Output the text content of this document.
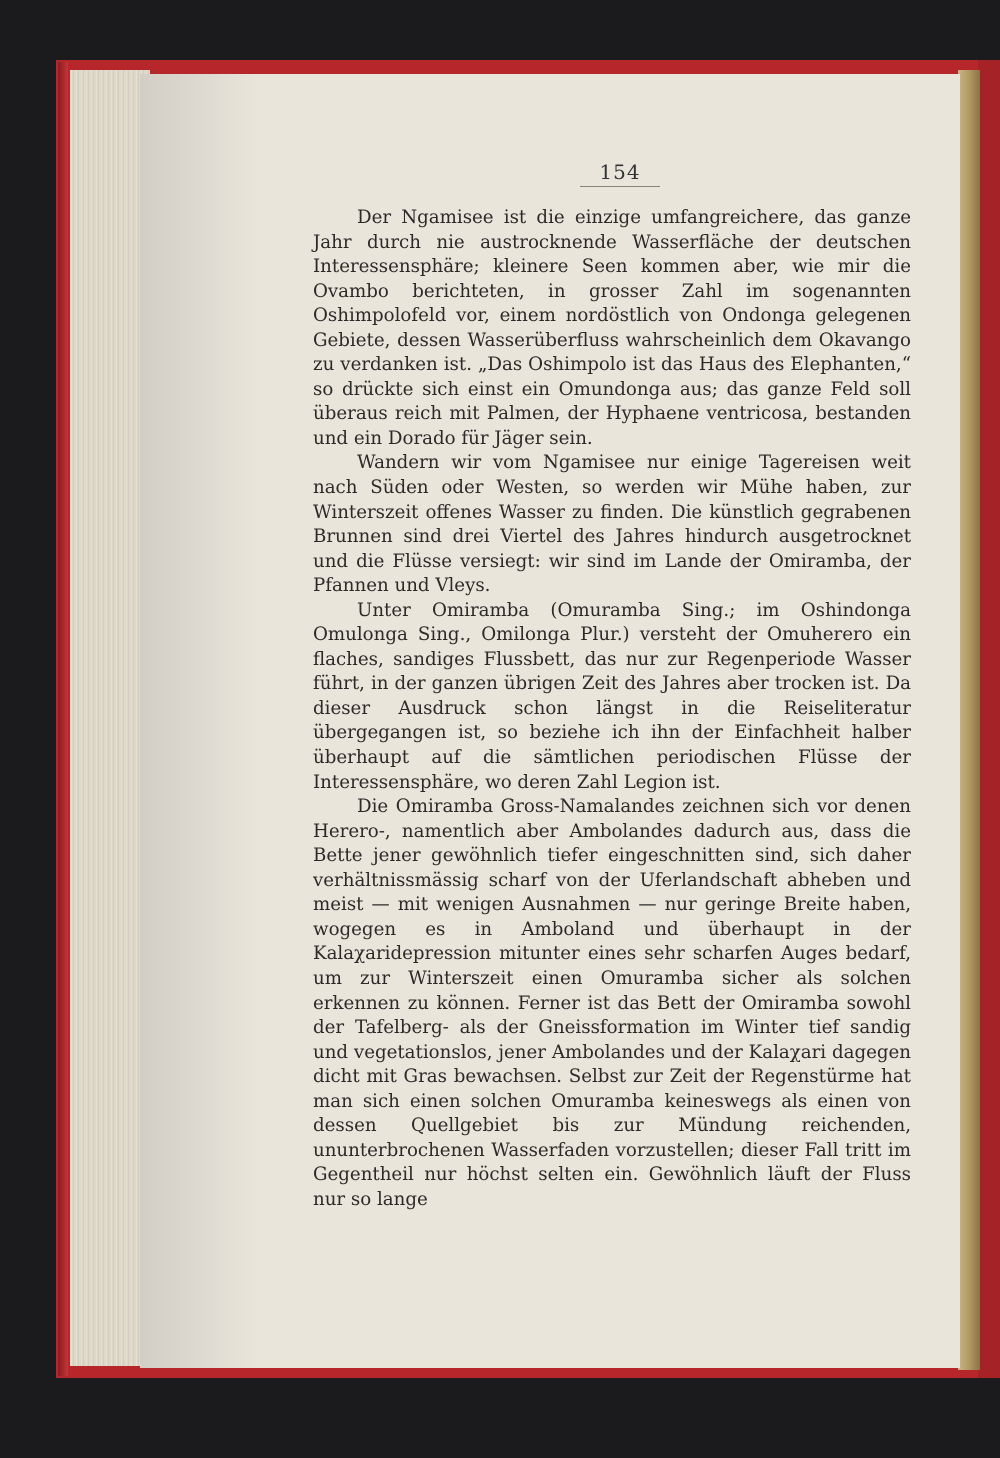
154

Der Ngamisee ist die einzige umfangreichere, das ganze Jahr durch nie austrocknende Wasserfläche der deutschen Interessensphäre; kleinere Seen kommen aber, wie mir die Ovambo berichteten, in grosser Zahl im sogenannten Oshimpolofeld vor, einem nordöstlich von Ondonga gelegenen Gebiete, dessen Wasserüberfluss wahrscheinlich dem Okavango zu verdanken ist. „Das Oshimpolo ist das Haus des Elephanten,“ so drückte sich einst ein Omundonga aus; das ganze Feld soll überaus reich mit Palmen, der Hyphaene ventricosa, bestanden und ein Dorado für Jäger sein.

Wandern wir vom Ngamisee nur einige Tagereisen weit nach Süden oder Westen, so werden wir Mühe haben, zur Winterszeit offenes Wasser zu finden. Die künstlich gegrabenen Brunnen sind drei Viertel des Jahres hindurch ausgetrocknet und die Flüsse versiegt: wir sind im Lande der Omiramba, der Pfannen und Vleys.

Unter Omiramba (Omuramba Sing.; im Oshindonga Omulonga Sing., Omilonga Plur.) versteht der Omuherero ein flaches, sandiges Flussbett, das nur zur Regenperiode Wasser führt, in der ganzen übrigen Zeit des Jahres aber trocken ist. Da dieser Ausdruck schon längst in die Reiseliteratur übergegangen ist, so beziehe ich ihn der Einfachheit halber überhaupt auf die sämtlichen periodischen Flüsse der Interessensphäre, wo deren Zahl Legion ist.

Die Omiramba Gross-Namalandes zeichnen sich vor denen Herero-, namentlich aber Ambolandes dadurch aus, dass die Bette jener gewöhnlich tiefer eingeschnitten sind, sich daher verhältnissmässig scharf von der Uferlandschaft abheben und meist — mit wenigen Ausnahmen — nur geringe Breite haben, wogegen es in Amboland und überhaupt in der Kalaχaridepression mitunter eines sehr scharfen Auges bedarf, um zur Winterszeit einen Omuramba sicher als solchen erkennen zu können. Ferner ist das Bett der Omiramba sowohl der Tafelberg- als der Gneissformation im Winter tief sandig und vegetationslos, jener Ambolandes und der Kalaχari dagegen dicht mit Gras bewachsen. Selbst zur Zeit der Regenstürme hat man sich einen solchen Omuramba keineswegs als einen von dessen Quellgebiet bis zur Mündung reichenden, ununterbrochenen Wasserfaden vorzustellen; dieser Fall tritt im Gegentheil nur höchst selten ein. Gewöhnlich läuft der Fluss nur so lange
